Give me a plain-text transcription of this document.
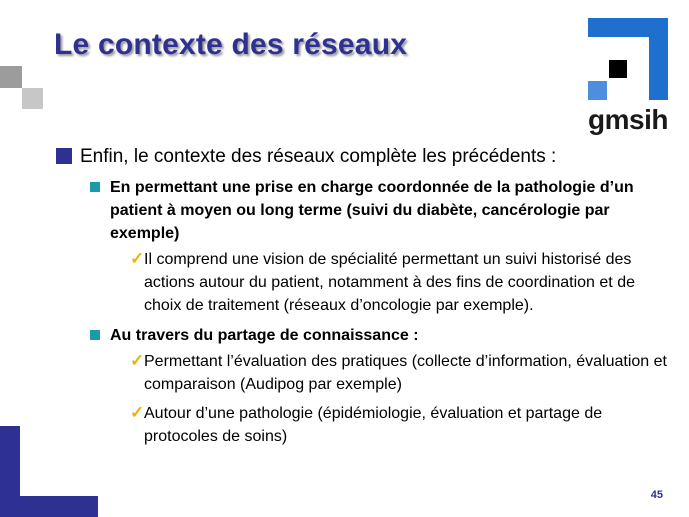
Le contexte des réseaux
gmsih
Enfin, le contexte des réseaux complète les précédents :
En permettant une prise en charge coordonnée de la pathologie d’un patient à moyen ou long terme (suivi du diabète, cancérologie par exemple)
✓ Il comprend une vision de spécialité permettant un suivi historisé des actions autour du patient, notamment à des fins de coordination et de choix de traitement (réseaux d’oncologie par exemple).
Au travers du partage de connaissance :
✓ Permettant l’évaluation des pratiques (collecte d’information, évaluation et comparaison (Audipog par exemple)
✓ Autour d’une pathologie (épidémiologie, évaluation et partage de protocoles de soins)
45
